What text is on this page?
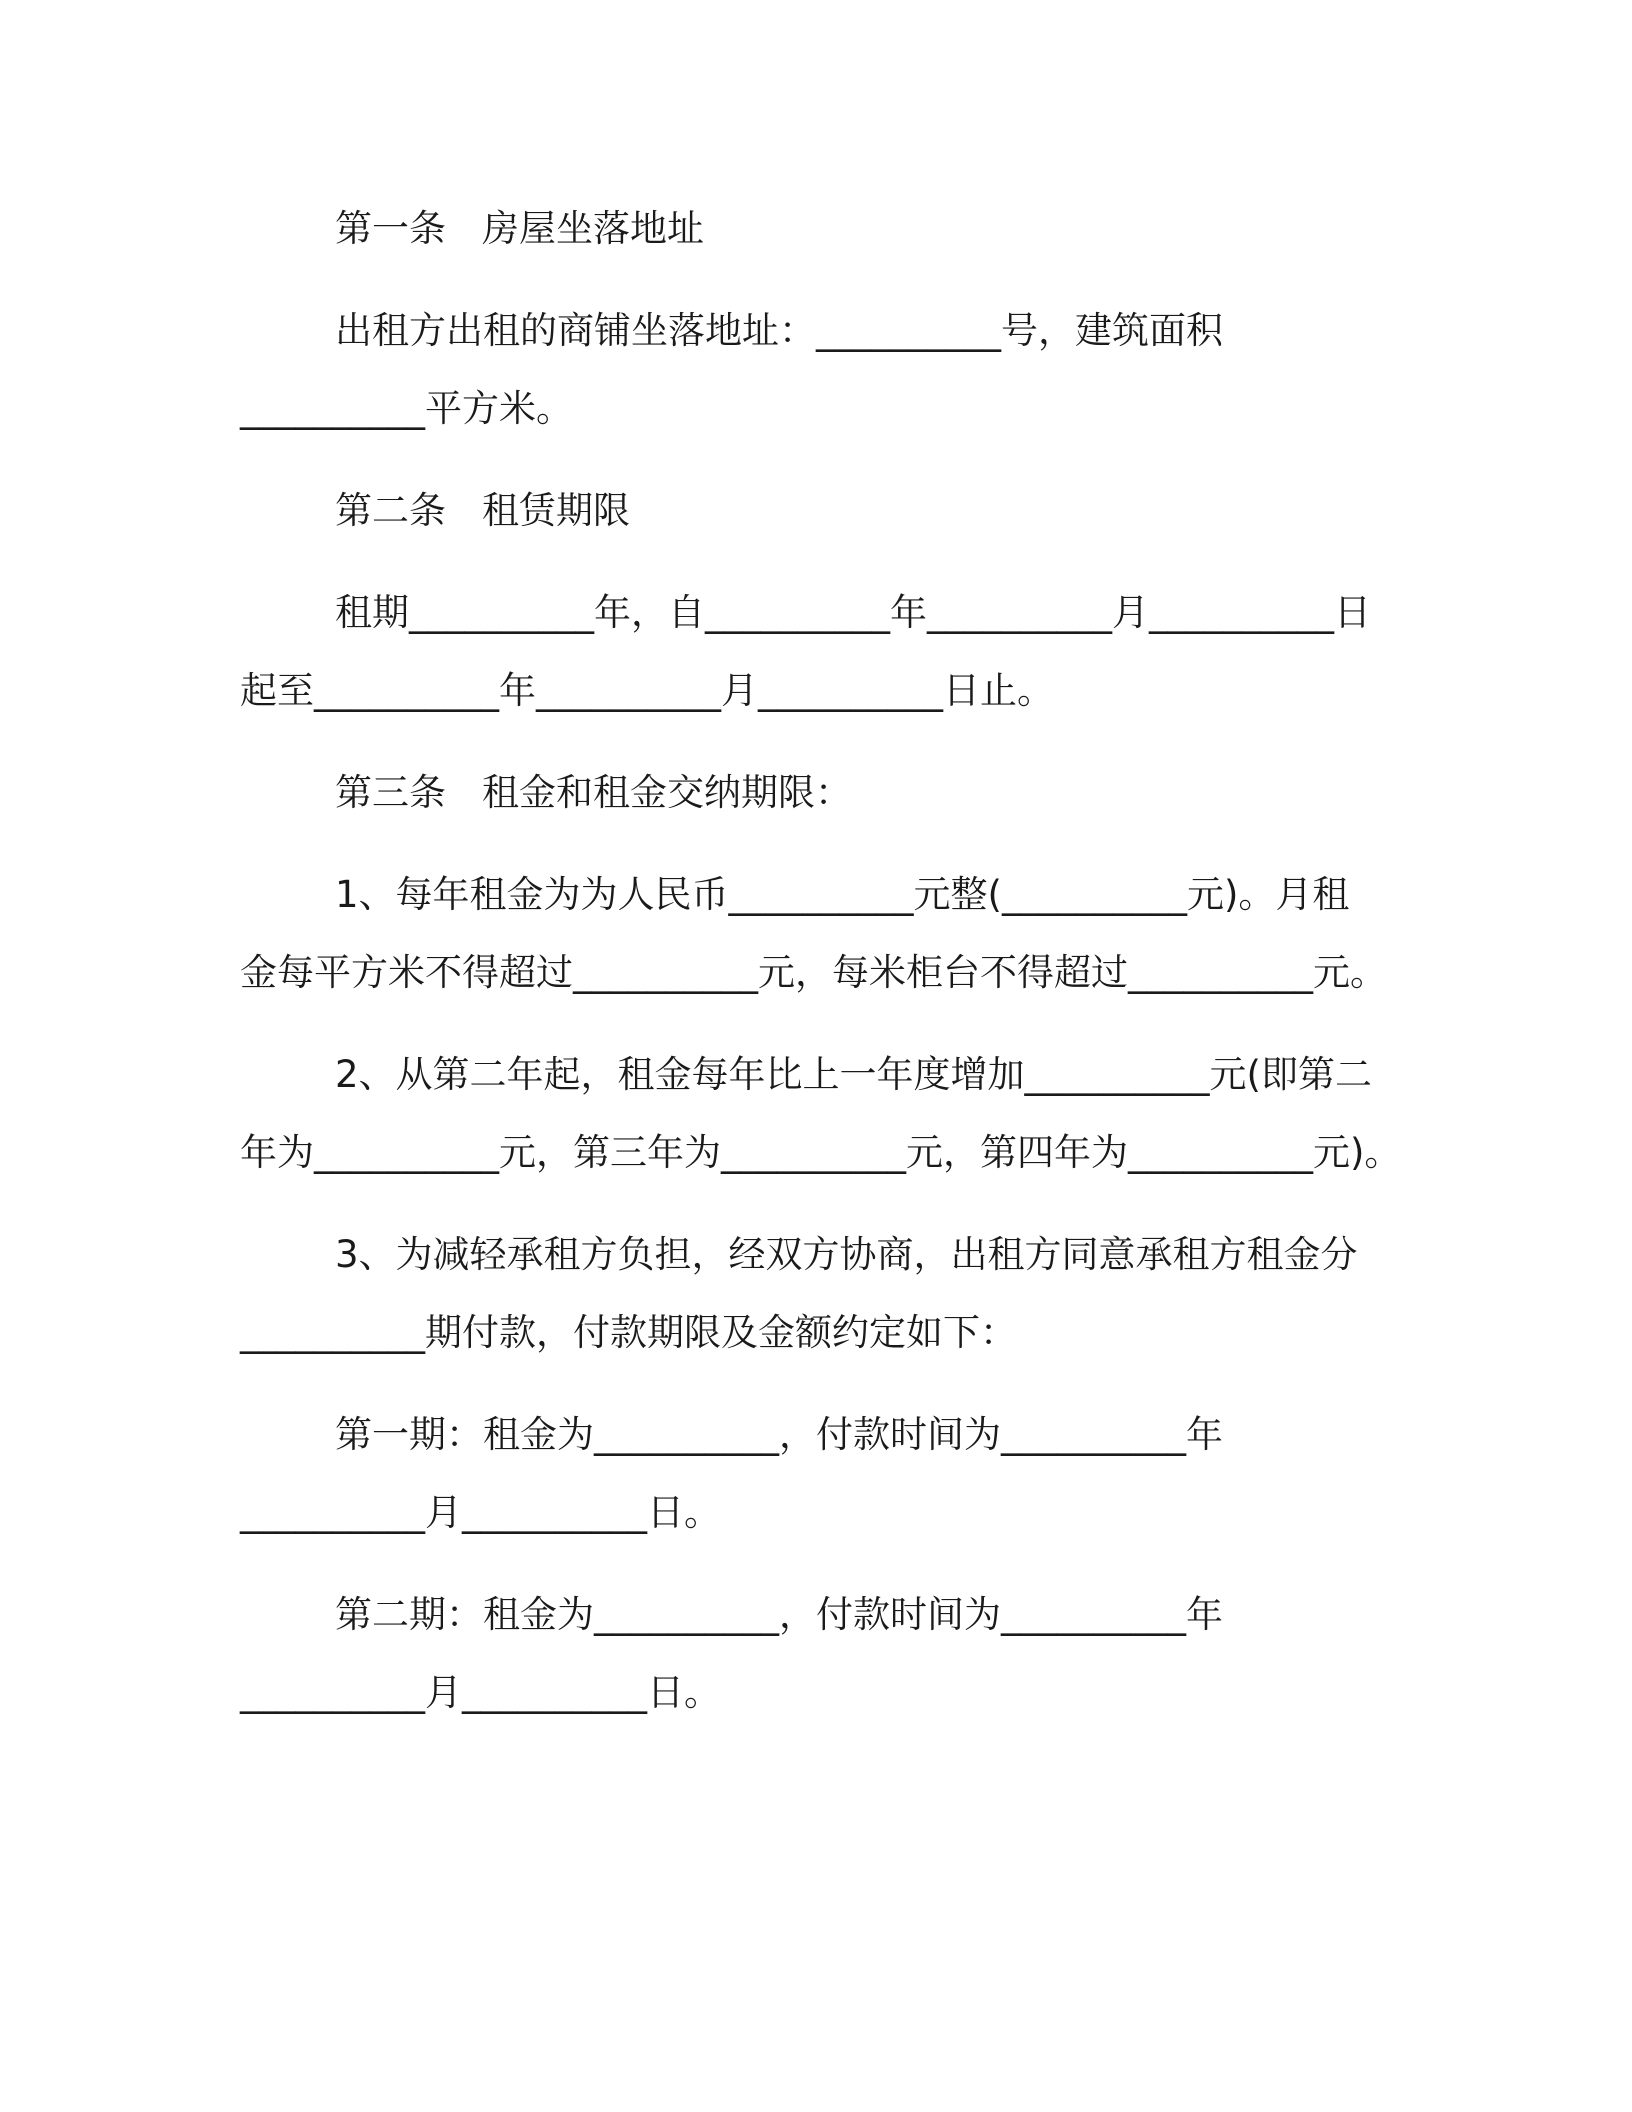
第一条 房屋坐落地址
出租方出租的商铺坐落地址：__________号，建筑面积
__________平方米。
第二条 租赁期限
租期__________年，自__________年__________月__________日
起至__________年__________月__________日止。
第三条 租金和租金交纳期限：
1、每年租金为为人民币__________元整(__________元)。月租
金每平方米不得超过__________元，每米柜台不得超过__________元。
2、从第二年起，租金每年比上一年度增加__________元(即第二
年为__________元，第三年为__________元，第四年为__________元)。
3、为减轻承租方负担，经双方协商，出租方同意承租方租金分
__________期付款，付款期限及金额约定如下：
第一期：租金为__________，付款时间为__________年
__________月__________日。
第二期：租金为__________，付款时间为__________年
__________月__________日。
